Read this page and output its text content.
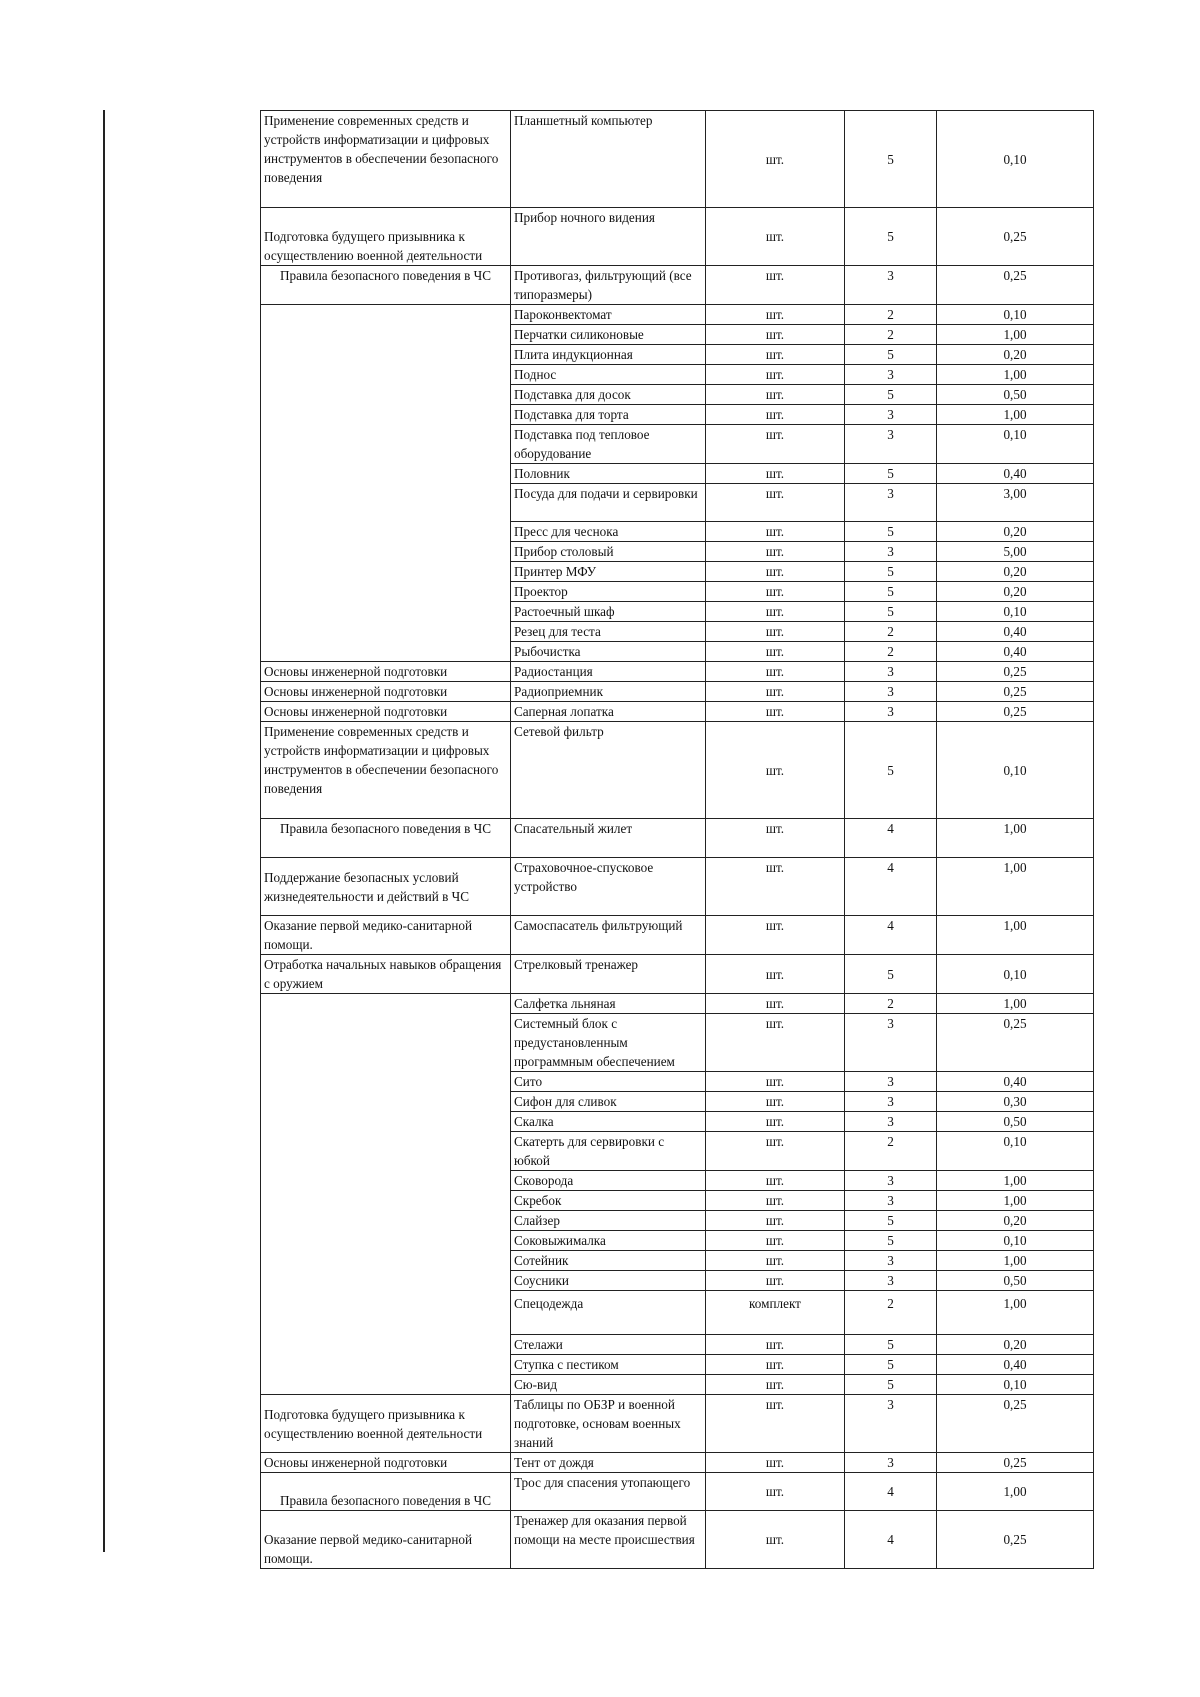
Применение современных средств и устройств информатизации и цифровых инструментов в обеспечении безопасного поведения	Планшетный компьютер	шт.	5	0,10
Подготовка будущего призывника к осуществлению военной деятельности	Прибор ночного видения	шт.	5	0,25
Правила безопасного поведения в ЧС	Противогаз, фильтрующий (все типоразмеры)	шт.	3	0,25
	Пароконвектомат	шт.	2	0,10
	Перчатки силиконовые	шт.	2	1,00
	Плита индукционная	шт.	5	0,20
	Поднос	шт.	3	1,00
	Подставка для досок	шт.	5	0,50
	Подставка для торта	шт.	3	1,00
	Подставка под тепловое оборудование	шт.	3	0,10
	Половник	шт.	5	0,40
	Посуда для подачи и сервировки	шт.	3	3,00
	Пресс для чеснока	шт.	5	0,20
	Прибор столовый	шт.	3	5,00
	Принтер МФУ	шт.	5	0,20
	Проектор	шт.	5	0,20
	Растоечный шкаф	шт.	5	0,10
	Резец для теста	шт.	2	0,40
	Рыбочистка	шт.	2	0,40
Основы инженерной подготовки	Радиостанция	шт.	3	0,25
Основы инженерной подготовки	Радиоприемник	шт.	3	0,25
Основы инженерной подготовки	Саперная лопатка	шт.	3	0,25
Применение современных средств и устройств информатизации и цифровых инструментов в обеспечении безопасного поведения	Сетевой фильтр	шт.	5	0,10
Правила безопасного поведения в ЧС	Спасательный жилет	шт.	4	1,00
Поддержание безопасных условий жизнедеятельности и действий в ЧС	Страховочное-спусковое устройство	шт.	4	1,00
Оказание первой медико-санитарной помощи.	Самоспасатель фильтрующий	шт.	4	1,00
Отработка начальных навыков обращения с оружием	Стрелковый тренажер	шт.	5	0,10
	Салфетка льняная	шт.	2	1,00
	Системный блок с предустановленным программным обеспечением	шт.	3	0,25
	Сито	шт.	3	0,40
	Сифон для сливок	шт.	3	0,30
	Скалка	шт.	3	0,50
	Скатерть для сервировки с юбкой	шт.	2	0,10
	Сковорода	шт.	3	1,00
	Скребок	шт.	3	1,00
	Слайзер	шт.	5	0,20
	Соковыжималка	шт.	5	0,10
	Сотейник	шт.	3	1,00
	Соусники	шт.	3	0,50
	Спецодежда	комплект	2	1,00
	Стелажи	шт.	5	0,20
	Ступка с пестиком	шт.	5	0,40
	Сю-вид	шт.	5	0,10
Подготовка будущего призывника к осуществлению военной деятельности	Таблицы по ОБЗР и военной подготовке, основам военных знаний	шт.	3	0,25
Основы инженерной подготовки	Тент от дождя	шт.	3	0,25
Правила безопасного поведения в ЧС	Трос для спасения утопающего	шт.	4	1,00
Оказание первой медико-санитарной помощи.	Тренажер для оказания первой помощи на месте происшествия	шт.	4	0,25
